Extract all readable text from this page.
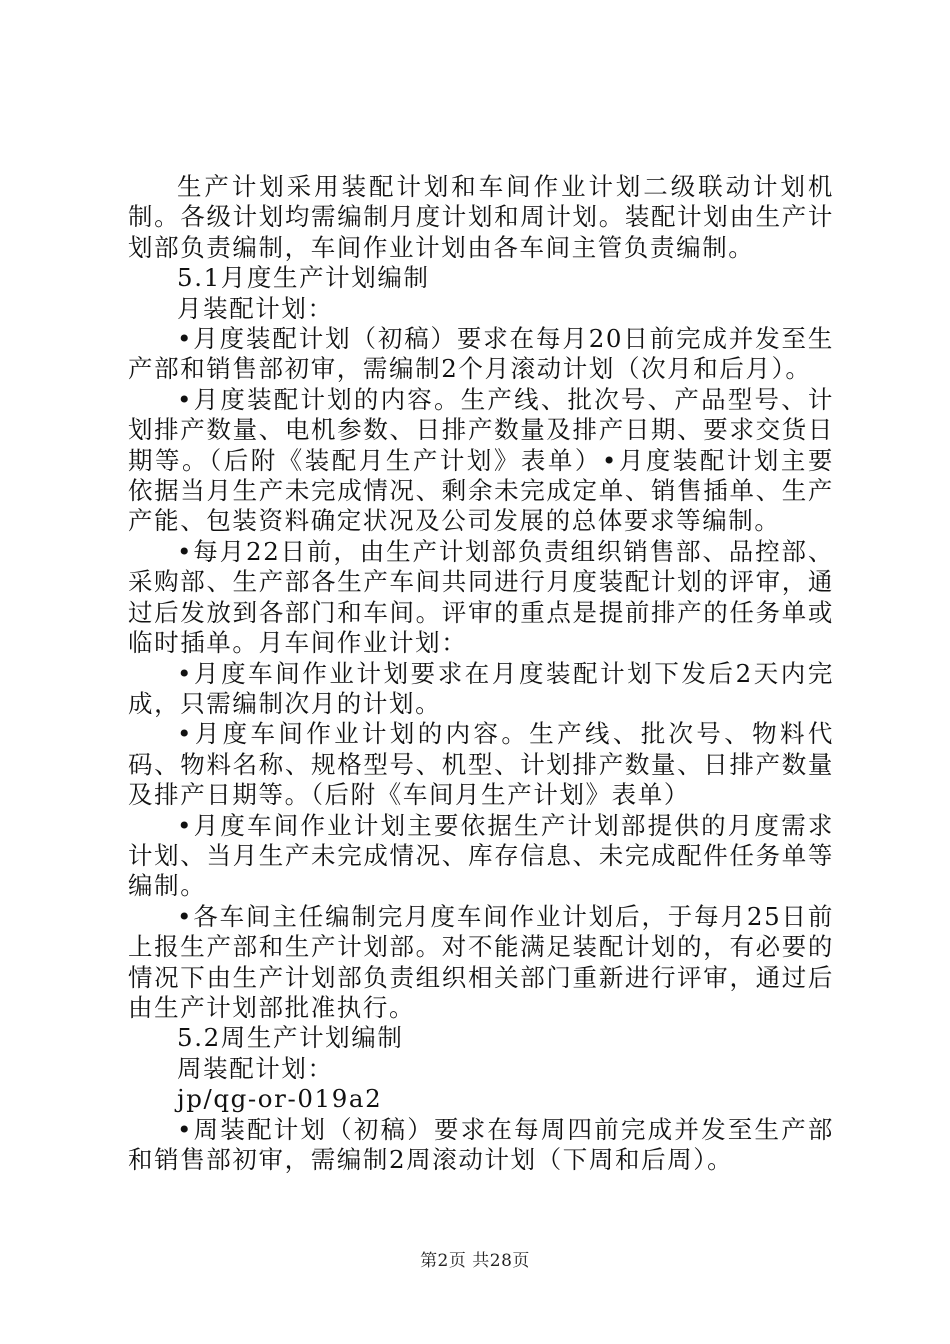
生产计划采用装配计划和车间作业计划二级联动计划机制。各级计划均需编制月度计划和周计划。装配计划由生产计划部负责编制，车间作业计划由各车间主管负责编制。

5.1月度生产计划编制

月装配计划：

•月度装配计划（初稿）要求在每月20日前完成并发至生产部和销售部初审，需编制2个月滚动计划（次月和后月）。

•月度装配计划的内容。生产线、批次号、产品型号、计划排产数量、电机参数、日排产数量及排产日期、要求交货日期等。（后附《装配月生产计划》表单）•月度装配计划主要依据当月生产未完成情况、剩余未完成定单、销售插单、生产产能、包装资料确定状况及公司发展的总体要求等编制。

•每月22日前，由生产计划部负责组织销售部、品控部、采购部、生产部各生产车间共同进行月度装配计划的评审，通过后发放到各部门和车间。评审的重点是提前排产的任务单或临时插单。月车间作业计划：

•月度车间作业计划要求在月度装配计划下发后2天内完成，只需编制次月的计划。

•月度车间作业计划的内容。生产线、批次号、物料代码、物料名称、规格型号、机型、计划排产数量、日排产数量及排产日期等。（后附《车间月生产计划》表单）

•月度车间作业计划主要依据生产计划部提供的月度需求计划、当月生产未完成情况、库存信息、未完成配件任务单等编制。

•各车间主任编制完月度车间作业计划后，于每月25日前上报生产部和生产计划部。对不能满足装配计划的，有必要的情况下由生产计划部负责组织相关部门重新进行评审，通过后由生产计划部批准执行。

5.2周生产计划编制

周装配计划：

jp/qg-or-019a2

•周装配计划（初稿）要求在每周四前完成并发至生产部和销售部初审，需编制2周滚动计划（下周和后周）。

第2页 共28页
